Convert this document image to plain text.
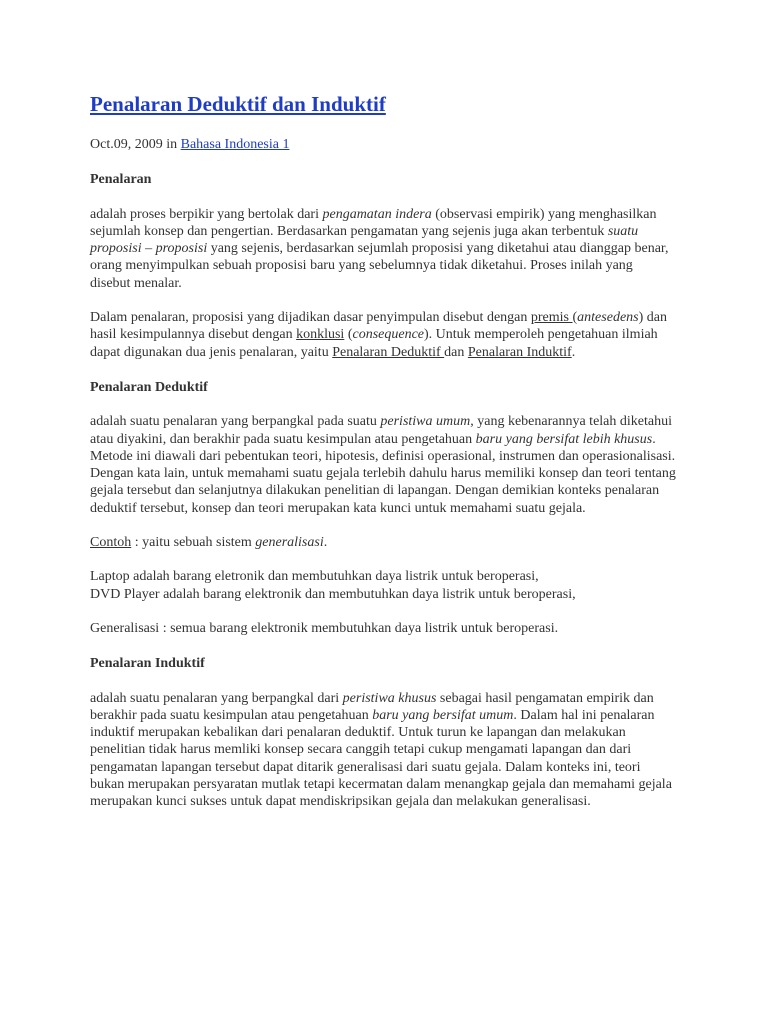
Penalaran Deduktif dan Induktif
Oct.09, 2009 in Bahasa Indonesia 1
Penalaran

adalah proses berpikir yang bertolak dari pengamatan indera (observasi empirik) yang menghasilkan sejumlah konsep dan pengertian. Berdasarkan pengamatan yang sejenis juga akan terbentuk suatu proposisi – proposisi yang sejenis, berdasarkan sejumlah proposisi yang diketahui atau dianggap benar, orang menyimpulkan sebuah proposisi baru yang sebelumnya tidak diketahui. Proses inilah yang disebut menalar.

Dalam penalaran, proposisi yang dijadikan dasar penyimpulan disebut dengan premis (antesedens) dan hasil kesimpulannya disebut dengan konklusi (consequence). Untuk memperoleh pengetahuan ilmiah dapat digunakan dua jenis penalaran, yaitu Penalaran Deduktif dan Penalaran Induktif.

Penalaran Deduktif

adalah suatu penalaran yang berpangkal pada suatu peristiwa umum, yang kebenarannya telah diketahui atau diyakini, dan berakhir pada suatu kesimpulan atau pengetahuan baru yang bersifat lebih khusus. Metode ini diawali dari pebentukan teori, hipotesis, definisi operasional, instrumen dan operasionalisasi. Dengan kata lain, untuk memahami suatu gejala terlebih dahulu harus memiliki konsep dan teori tentang gejala tersebut dan selanjutnya dilakukan penelitian di lapangan. Dengan demikian konteks penalaran deduktif tersebut, konsep dan teori merupakan kata kunci untuk memahami suatu gejala.

Contoh : yaitu sebuah sistem generalisasi.

Laptop adalah barang eletronik dan membutuhkan daya listrik untuk beroperasi,

DVD Player adalah barang elektronik dan membutuhkan daya listrik untuk beroperasi,

Generalisasi : semua barang elektronik membutuhkan daya listrik untuk beroperasi.

Penalaran Induktif

adalah suatu penalaran yang berpangkal dari peristiwa khusus sebagai hasil pengamatan empirik dan berakhir pada suatu kesimpulan atau pengetahuan baru yang bersifat umum. Dalam hal ini penalaran induktif merupakan kebalikan dari penalaran deduktif. Untuk turun ke lapangan dan melakukan penelitian tidak harus memliki konsep secara canggih tetapi cukup mengamati lapangan dan dari pengamatan lapangan tersebut dapat ditarik generalisasi dari suatu gejala. Dalam konteks ini, teori bukan merupakan persyaratan mutlak tetapi kecermatan dalam menangkap gejala dan memahami gejala merupakan kunci sukses untuk dapat mendiskripsikan gejala dan melakukan generalisasi.
